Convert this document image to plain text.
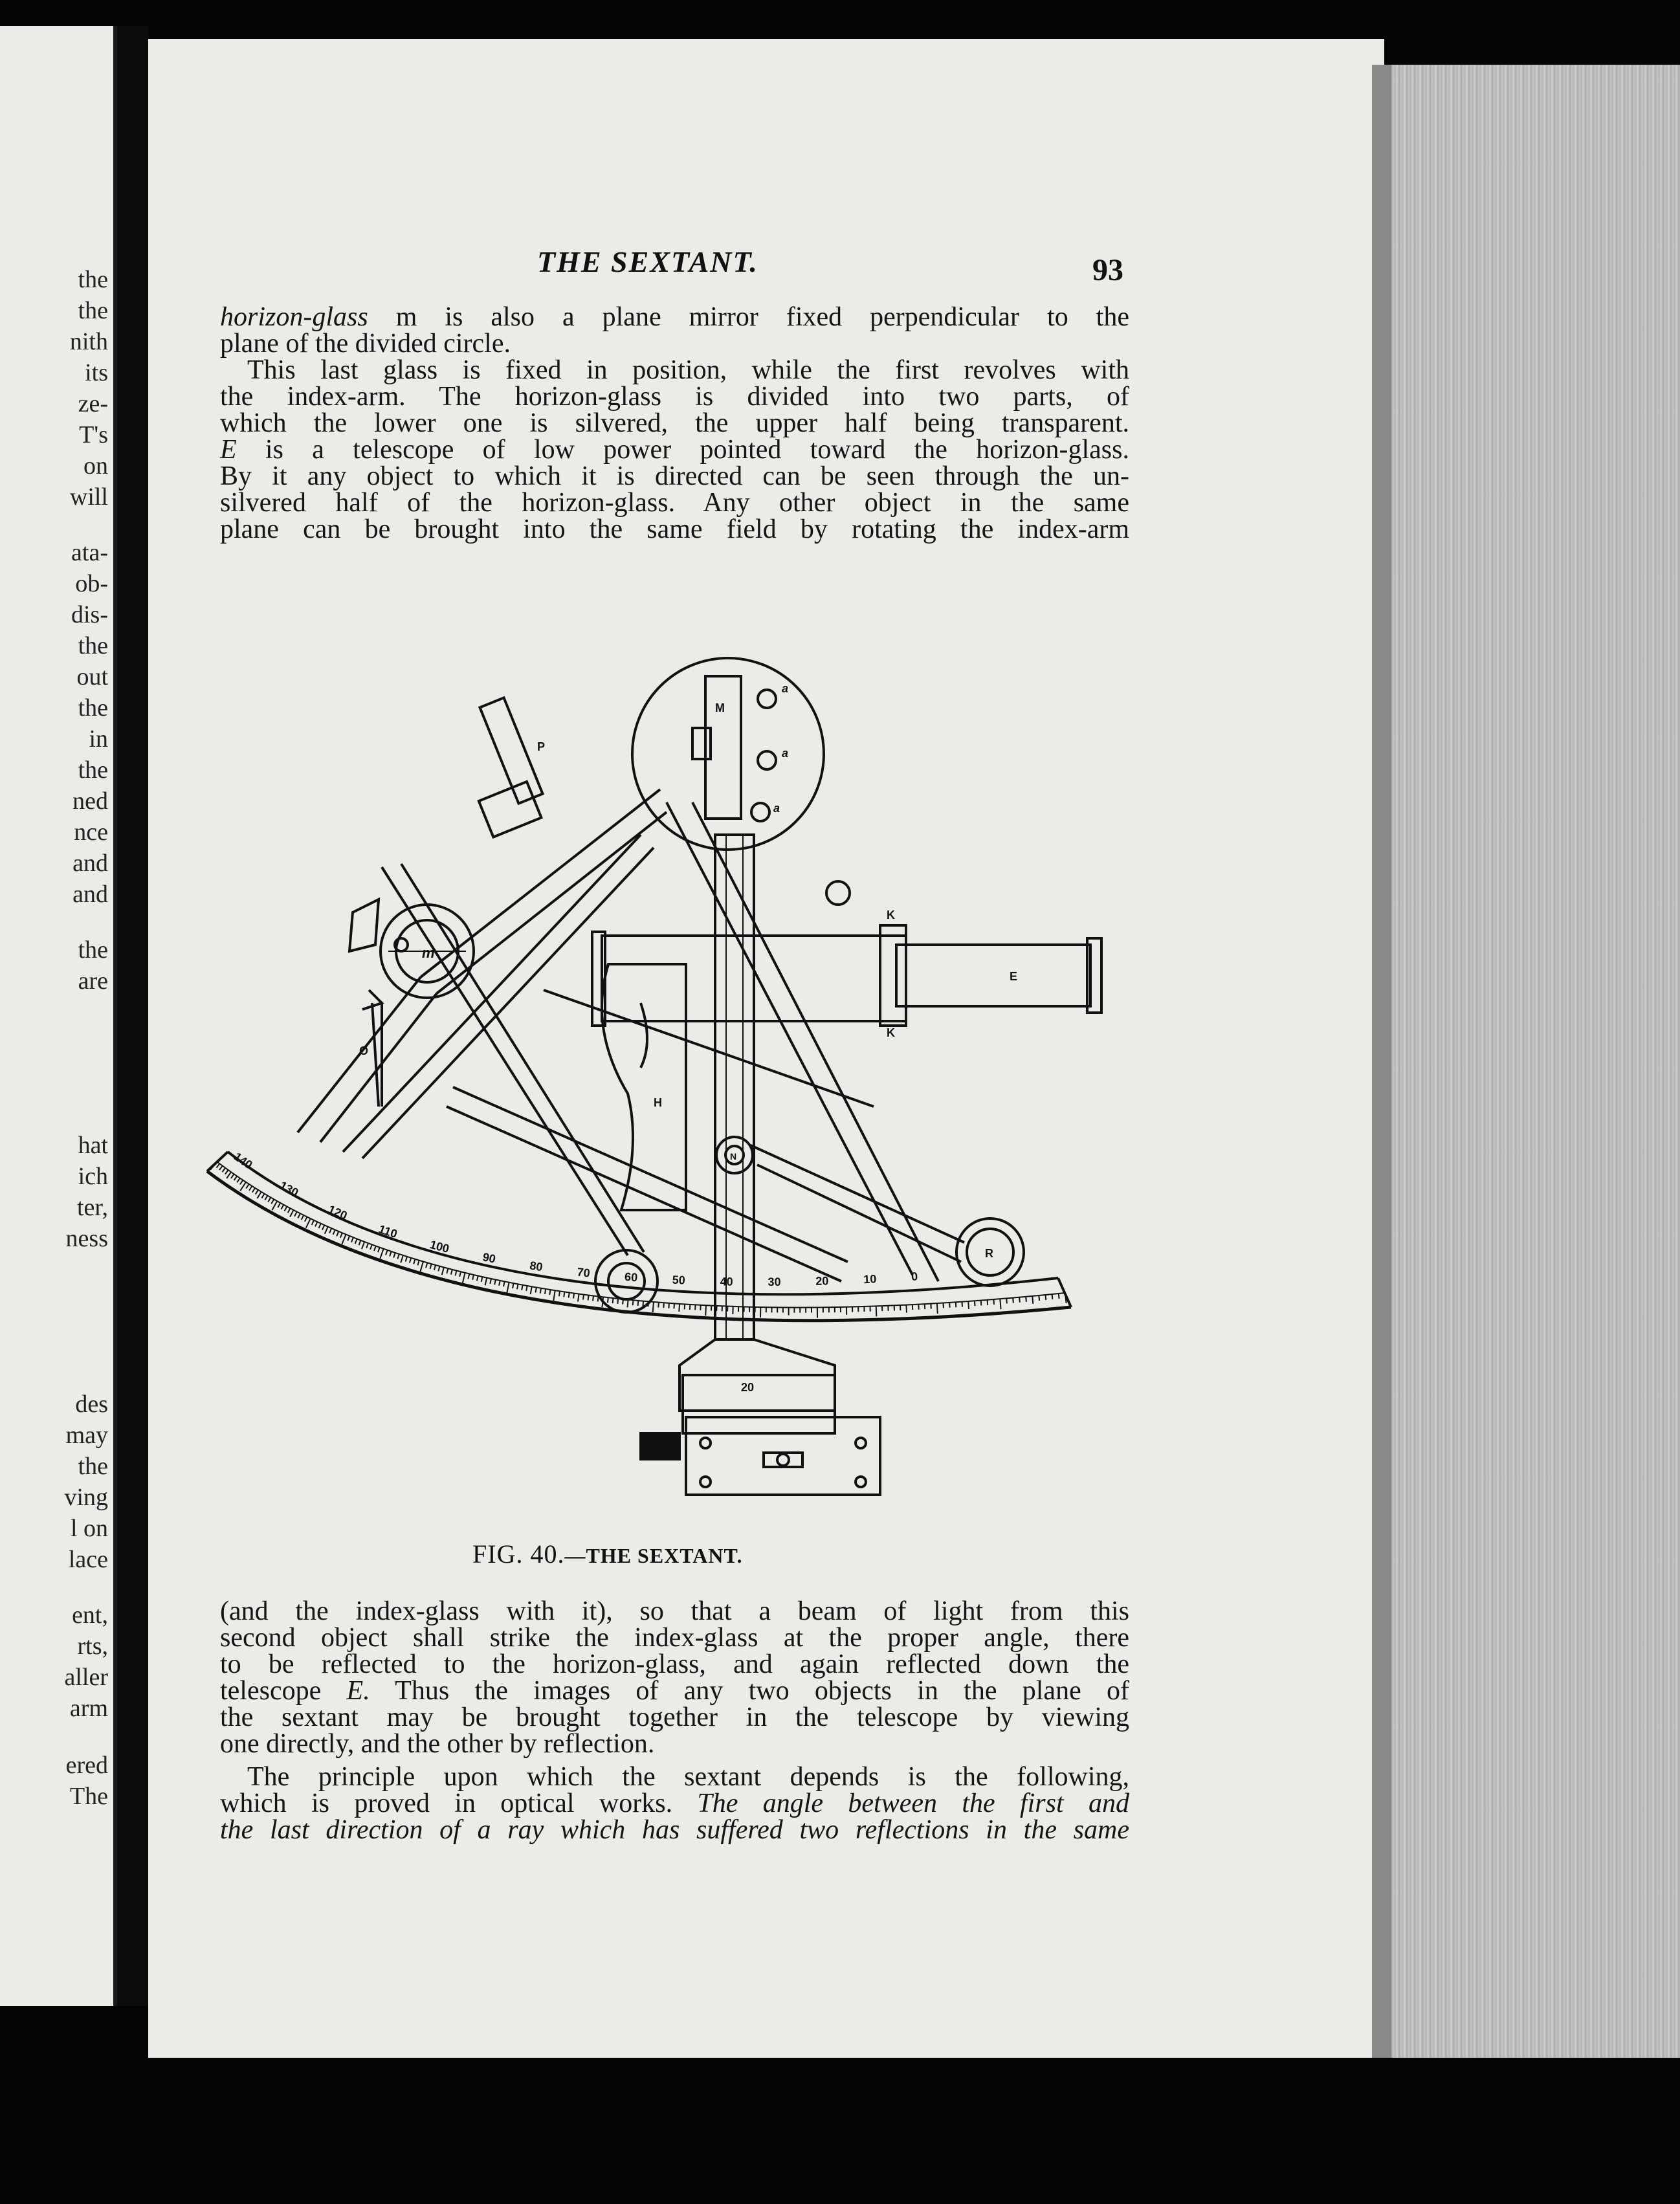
the
the
nith
its
ze-
T's
on
will
ata-
ob-
dis-
the
out
the
in
the
ned
nce
and
and
the
are
hat
ich
ter,
ness
des
may
the
ving
l on
lace
ent,
rts,
aller
arm
ered
The
THE SEXTANT.	93

horizon-glass m is also a plane mirror fixed perpendicular to the

plane of the divided circle.

This last glass is fixed in position, while the first revolves with

the index-arm. The horizon-glass is divided into two parts, of

which the lower one is silvered, the upper half being transparent.

E is a telescope of low power pointed toward the horizon-glass.

By it any object to which it is directed can be seen through the un-

silvered half of the horizon-glass. Any other object in the same

plane can be brought into the same field by rotating the index-arm

140   130   120   110   100   90   80   70   60   50   40   30   20   10   0
20
M
a
a
a
P
m
K
K
E
O
H
N
R
FIG. 40.—THE SEXTANT.

(and the index-glass with it), so that a beam of light from this

second object shall strike the index-glass at the proper angle, there

to be reflected to the horizon-glass, and again reflected down the

telescope E. Thus the images of any two objects in the plane of

the sextant may be brought together in the telescope by viewing

one directly, and the other by reflection.

The principle upon which the sextant depends is the following,

which is proved in optical works. The angle between the first and

the last direction of a ray which has suffered two reflections in the same
